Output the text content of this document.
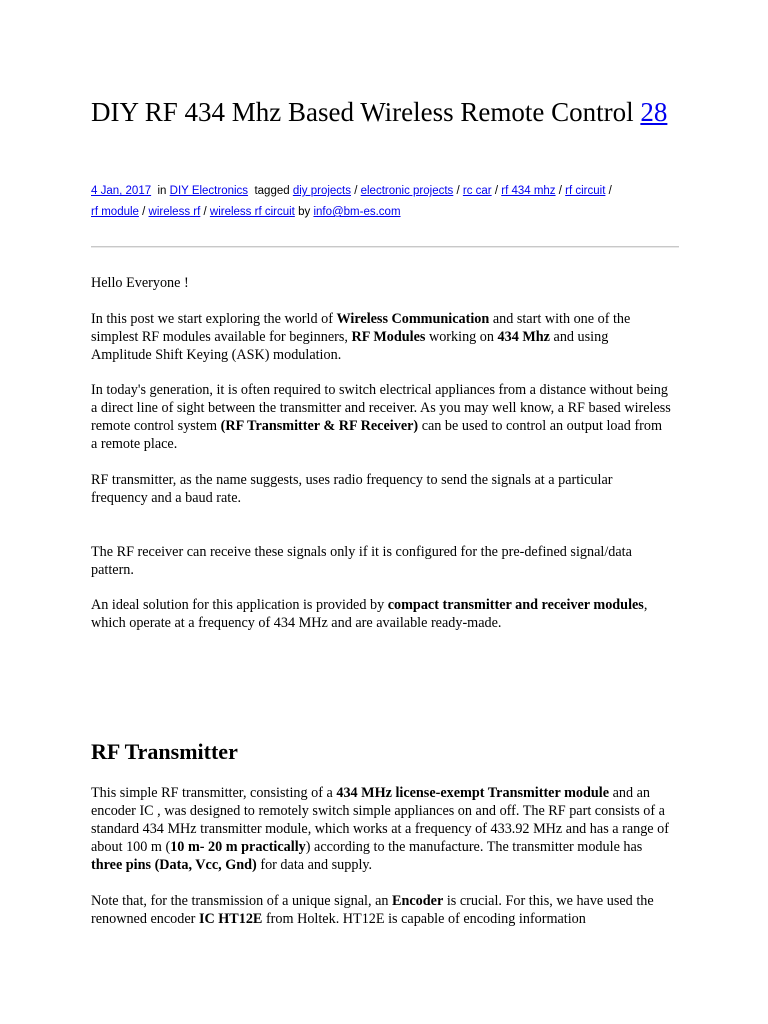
DIY RF 434 Mhz Based Wireless Remote Control 28
4 Jan, 2017 in DIY Electronics tagged diy projects / electronic projects / rc car / rf 434 mhz / rf circuit /
rf module / wireless rf / wireless rf circuit by info@bm-es.com

Hello Everyone !

In this post we start exploring the world of Wireless Communication and start with one of the simplest RF modules available for beginners, RF Modules working on 434 Mhz and using Amplitude Shift Keying (ASK) modulation.

In today's generation, it is often required to switch electrical appliances from a distance without being a direct line of sight between the transmitter and receiver. As you may well know, a RF based wireless remote control system (RF Transmitter & RF Receiver) can be used to control an output load from a remote place.

RF transmitter, as the name suggests, uses radio frequency to send the signals at a particular frequency and a baud rate.

The RF receiver can receive these signals only if it is configured for the pre-defined signal/data pattern.

An ideal solution for this application is provided by compact transmitter and receiver modules, which operate at a frequency of 434 MHz and are available ready-made.

RF Transmitter

This simple RF transmitter, consisting of a 434 MHz license-exempt Transmitter module and an encoder IC , was designed to remotely switch simple appliances on and off. The RF part consists of a standard 434 MHz transmitter module, which works at a frequency of 433.92 MHz and has a range of about 100 m (10 m- 20 m practically) according to the manufacture. The transmitter module has three pins (Data, Vcc, Gnd) for data and supply.

Note that, for the transmission of a unique signal, an Encoder is crucial. For this, we have used the renowned encoder IC HT12E from Holtek. HT12E is capable of encoding information
